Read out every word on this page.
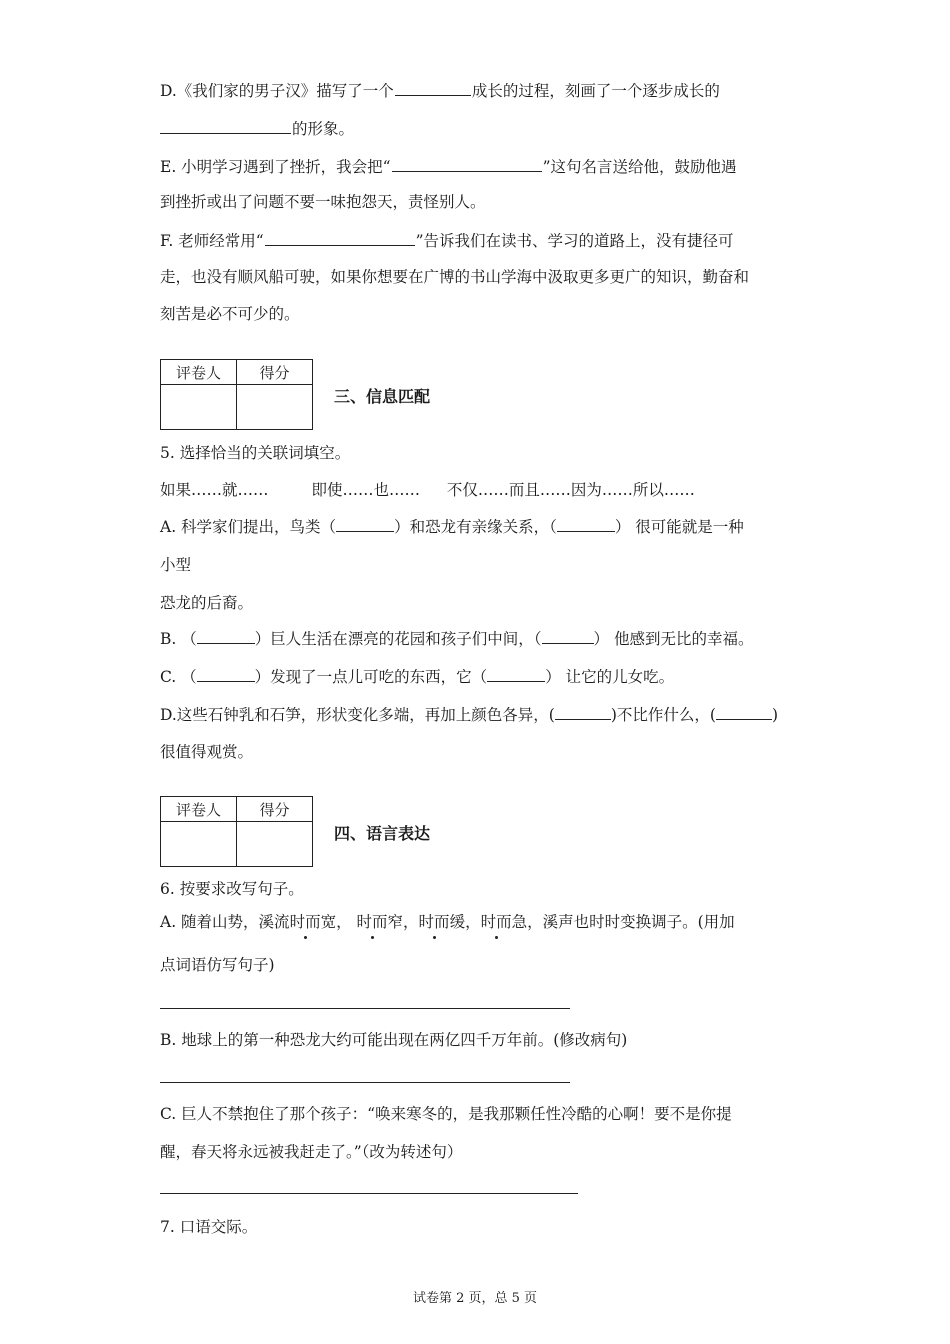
D.《我们家的男子汉》描写了一个	成长的过程，刻画了一个逐步成长的
的形象。
E. 小明学习遇到了挫折，我会把“	”这句名言送给他，鼓励他遇
到挫折或出了问题不要一味抱怨天，责怪别人。
F. 老师经常用“	”告诉我们在读书、学习的道路上，没有捷径可
走，也没有顺风船可驶，如果你想要在广博的书山学海中汲取更多更广的知识，勤奋和
刻苦是必不可少的。
评卷人	得分

三、信息匹配
5. 选择恰当的关联词填空。
如果……就……	即使……也…… 不仅……而且……因为……所以……
A. 科学家们提出，鸟类（	）和恐龙有亲缘关系，（	） 很可能就是一种
小型
恐龙的后裔。
B. （	）巨人生活在漂亮的花园和孩子们中间，（	） 他感到无比的幸福。
C. （	）发现了一点儿可吃的东西，它（	） 让它的儿女吃。
D.这些石钟乳和石笋，形状变化多端，再加上颜色各异，(	)不比作什么，(	)
很值得观赏。
评卷人	得分

四、语言表达
6. 按要求改写句子。
A. 随着山势，溪流时而宽， 时而窄，时而缓，时而急，溪声也时时变换调子。(用加
点词语仿写句子)
B. 地球上的第一种恐龙大约可能出现在两亿四千万年前。(修改病句)
C. 巨人不禁抱住了那个孩子：“唤来寒冬的，是我那颗任性冷酷的心啊！要不是你提
醒，春天将永远被我赶走了。”（改为转述句）
7. 口语交际。
试卷第 2 页，总 5 页
